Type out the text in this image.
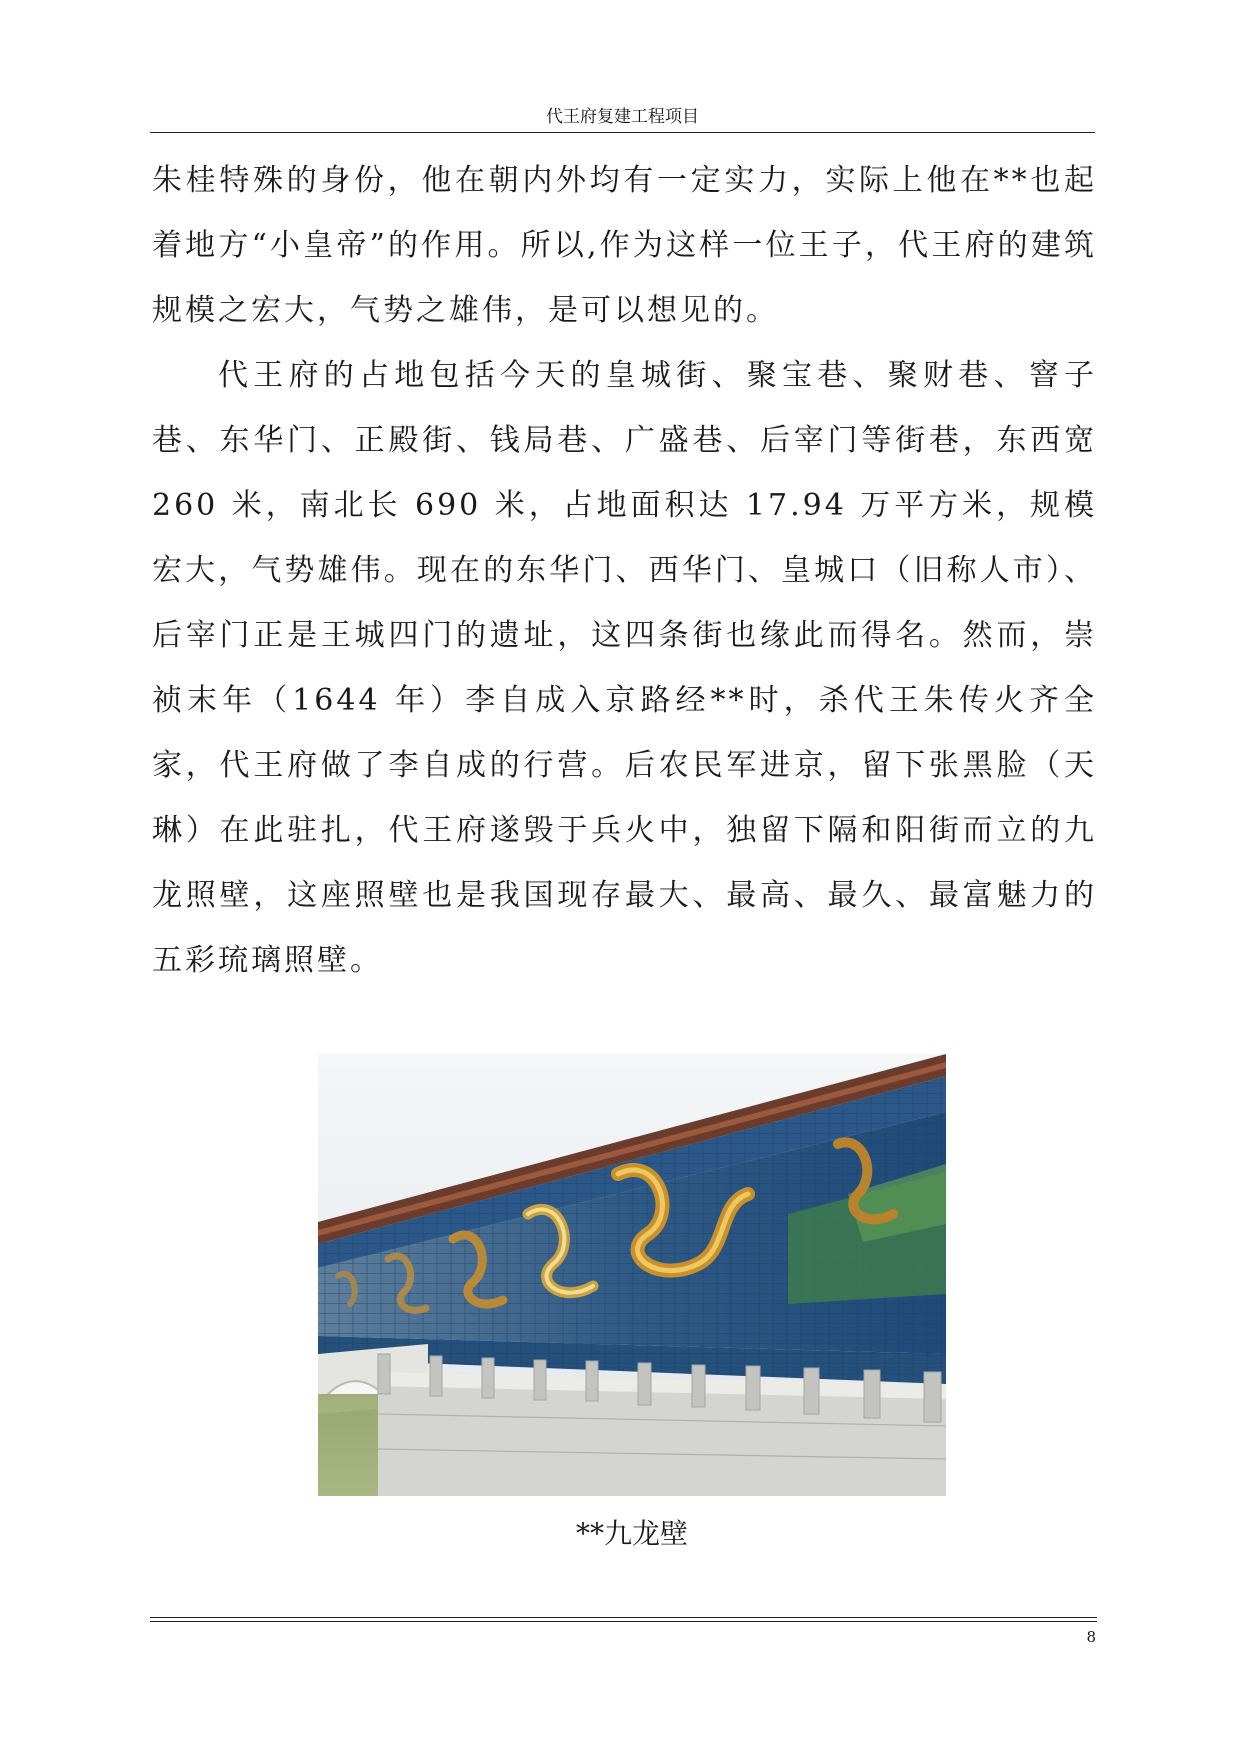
代王府复建工程项目

朱桂特殊的身份，他在朝内外均有一定实力，实际上他在**也起着地方“小皇帝”的作用。所以,作为这样一位王子，代王府的建筑规模之宏大，气势之雄伟，是可以想见的。

代王府的占地包括今天的皇城街、聚宝巷、聚财巷、窨子巷、东华门、正殿街、钱局巷、广盛巷、后宰门等街巷，东西宽 260 米，南北长 690 米，占地面积达 17.94 万平方米，规模宏大，气势雄伟。现在的东华门、西华门、皇城口（旧称人市）、后宰门正是王城四门的遗址，这四条街也缘此而得名。然而，崇祯末年（1644 年）李自成入京路经**时，杀代王朱传火齐全家，代王府做了李自成的行营。后农民军进京，留下张黑脸（天琳）在此驻扎，代王府遂毁于兵火中，独留下隔和阳街而立的九龙照壁，这座照壁也是我国现存最大、最高、最久、最富魅力的五彩琉璃照壁。

**九龙壁
8
